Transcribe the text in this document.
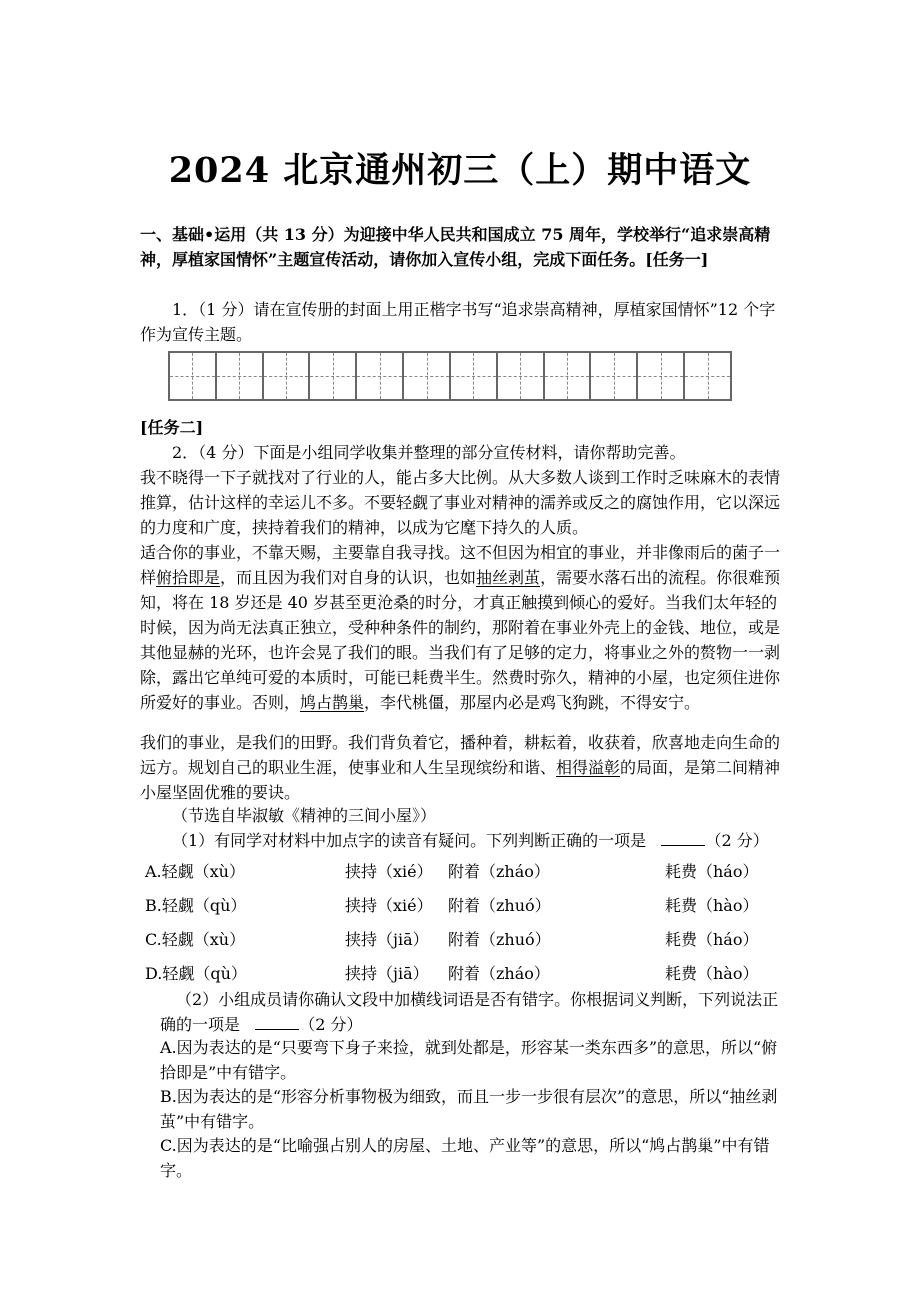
2024 北京通州初三（上）期中语文
一、基础•运用（共 13 分）为迎接中华人民共和国成立 75 周年，学校举行“追求崇高精神，厚植家国情怀”主题宣传活动，请你加入宣传小组，完成下面任务。[任务一]
1．（1 分）请在宣传册的封面上用正楷字书写“追求崇高精神，厚植家国情怀”12 个字作为宣传主题。
[任务二]
2．（4 分）下面是小组同学收集并整理的部分宣传材料，请你帮助完善。
我不晓得一下子就找对了行业的人，能占多大比例。从大多数人谈到工作时乏味麻木的表情推算，估计这样的幸运儿不多。不要轻觑了事业对精神的濡养或反之的腐蚀作用，它以深远的力度和广度，挟持着我们的精神，以成为它麾下持久的人质。
适合你的事业，不靠天赐，主要靠自我寻找。这不但因为相宜的事业，并非像雨后的菌子一样俯拾即是，而且因为我们对自身的认识，也如抽丝剥茧，需要水落石出的流程。你很难预知，将在 18 岁还是 40 岁甚至更沧桑的时分，才真正触摸到倾心的爱好。当我们太年轻的时候，因为尚无法真正独立，受种种条件的制约，那附着在事业外壳上的金钱、地位，或是其他显赫的光环，也许会晃了我们的眼。当我们有了足够的定力，将事业之外的赘物一一剥除，露出它单纯可爱的本质时，可能已耗费半生。然费时弥久，精神的小屋，也定须住进你所爱好的事业。否则，鸠占鹊巢，李代桃僵，那屋内必是鸡飞狗跳，不得安宁。
我们的事业，是我们的田野。我们背负着它，播种着，耕耘着，收获着，欣喜地走向生命的远方。规划自己的职业生涯，使事业和人生呈现缤纷和谐、相得溢彰的局面，是第二间精神小屋坚固优雅的要诀。
（节选自毕淑敏《精神的三间小屋》）
（1）有同学对材料中加点字的读音有疑问。下列判断正确的一项是	（2 分）
A.轻觑（xù）	挟持（xié） 附着（zháo）	耗费（háo）
B.轻觑（qù）	挟持（xié） 附着（zhuó）	耗费（hào）
C.轻觑（xù）	挟持（jiā） 附着（zhuó）	耗费（háo）
D.轻觑（qù）	挟持（jiā） 附着（zháo）	耗费（hào）
（2）小组成员请你确认文段中加横线词语是否有错字。你根据词义判断，下列说法正确的一项是	（2 分）
A.因为表达的是“只要弯下身子来捡，就到处都是，形容某一类东西多”的意思，所以“俯拾即是”中有错字。
B.因为表达的是“形容分析事物极为细致，而且一步一步很有层次”的意思，所以“抽丝剥茧”中有错字。
C.因为表达的是“比喻强占别人的房屋、土地、产业等”的意思，所以“鸠占鹊巢”中有错字。
